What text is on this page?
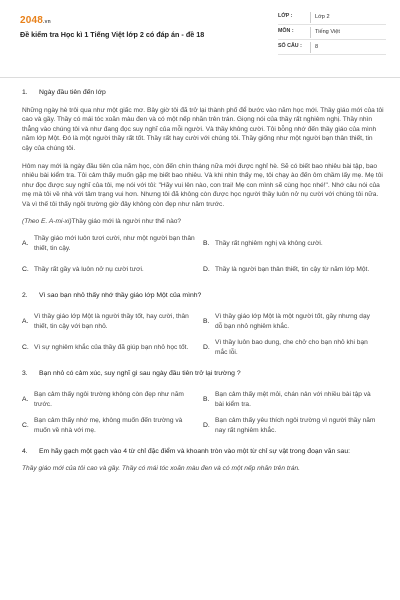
2048.vn
Đề kiểm tra Học kì 1 Tiếng Việt lớp 2 có đáp án - đề 18
LỚP :	Lớp 2
MÔN :	Tiếng Việt
SỐ CÂU :	8
1.	Ngày đầu tiên đến lớp

Những ngày hè trôi qua như một giấc mơ. Bây giờ tôi đã trở lại thành phố để bước vào năm học mới. Thầy giáo mới của tôi cao và gầy. Thầy có mái tóc xoăn màu đen và có một nếp nhăn trên trán. Giọng nói của thầy rất nghiêm nghị. Thầy nhìn thẳng vào chúng tôi và như đang đọc suy nghĩ của mỗi người. Và thầy không cười. Tôi bỗng nhớ đến thầy giáo của mình năm lớp Một. Đó là một người thầy rất tốt. Thầy rất hay cười với chúng tôi. Thầy giống như một người bạn thân thiết, tin cậy của chúng tôi.

Hôm nay mới là ngày đầu tiên của năm học, còn đến chín tháng nữa mới được nghỉ hè. Sẽ có biết bao nhiêu bài tập, bao nhiêu bài kiểm tra. Tôi cảm thấy muốn gặp mẹ biết bao nhiêu. Và khi nhìn thấy mẹ, tôi chạy ào đến ôm chầm lấy mẹ. Mẹ tôi như đọc được suy nghĩ của tôi, mẹ nói với tôi: "Hãy vui lên nào, con trai! Mẹ con mình sẽ cùng học nhé!". Nhớ câu nói của mẹ mà tôi về nhà với tâm trạng vui hơn. Nhưng tôi đã không còn được học người thầy luôn nở nụ cười với chúng tôi nữa. Và vì thế tôi thấy ngôi trường giờ đây không còn đẹp như năm trước.

(Theo E. A-mi-xi)Thầy giáo mới là người như thế nào?
A.
Thầy giáo mới luôn tươi cười, như một người bạn thân thiết, tin cậy.
B. Thầy rất nghiêm nghị và không cười.
C. Thầy rất gầy và luôn nở nụ cười tươi.	D. Thầy là người bạn thân thiết, tin cậy từ năm lớp Một.
2.	Vì sao bạn nhỏ thấy nhớ thầy giáo lớp Một của mình?
A.
Vì thầy giáo lớp Một là người thầy tốt, hay cười, thân thiết, tin cậy với bạn nhỏ.
B.
Vì thầy giáo lớp Một là một người tốt, gầy nhưng dạy dỗ bạn nhỏ nghiêm khắc.
C. Vì sự nghiêm khắc của thầy đã giúp bạn nhỏ học tốt. D.
Vì thầy luôn bao dung, che chở cho bạn nhỏ khi bạn mắc lỗi.
3.	Bạn nhỏ có cảm xúc, suy nghĩ gì sau ngày đầu tiên trở lại trường ?
A.
Bạn cảm thấy ngôi trường không còn đẹp như năm trước.
B.
Bạn cảm thấy mệt mỏi, chán nản với nhiều bài tập và bài kiểm tra.
C.
Bạn cảm thấy nhớ mẹ, không muốn đến trường và muốn về nhà với mẹ.
D.
Bạn cảm thấy yêu thích ngôi trường vì người thầy năm nay rất nghiêm khắc.
4.	Em hãy gạch một gạch vào 4 từ chỉ đặc điểm và khoanh tròn vào một từ chỉ sự vật trong đoạn văn sau:
Thầy giáo mới của tôi cao và gầy. Thầy có mái tóc xoăn màu đen và có một nếp nhăn trên trán.
